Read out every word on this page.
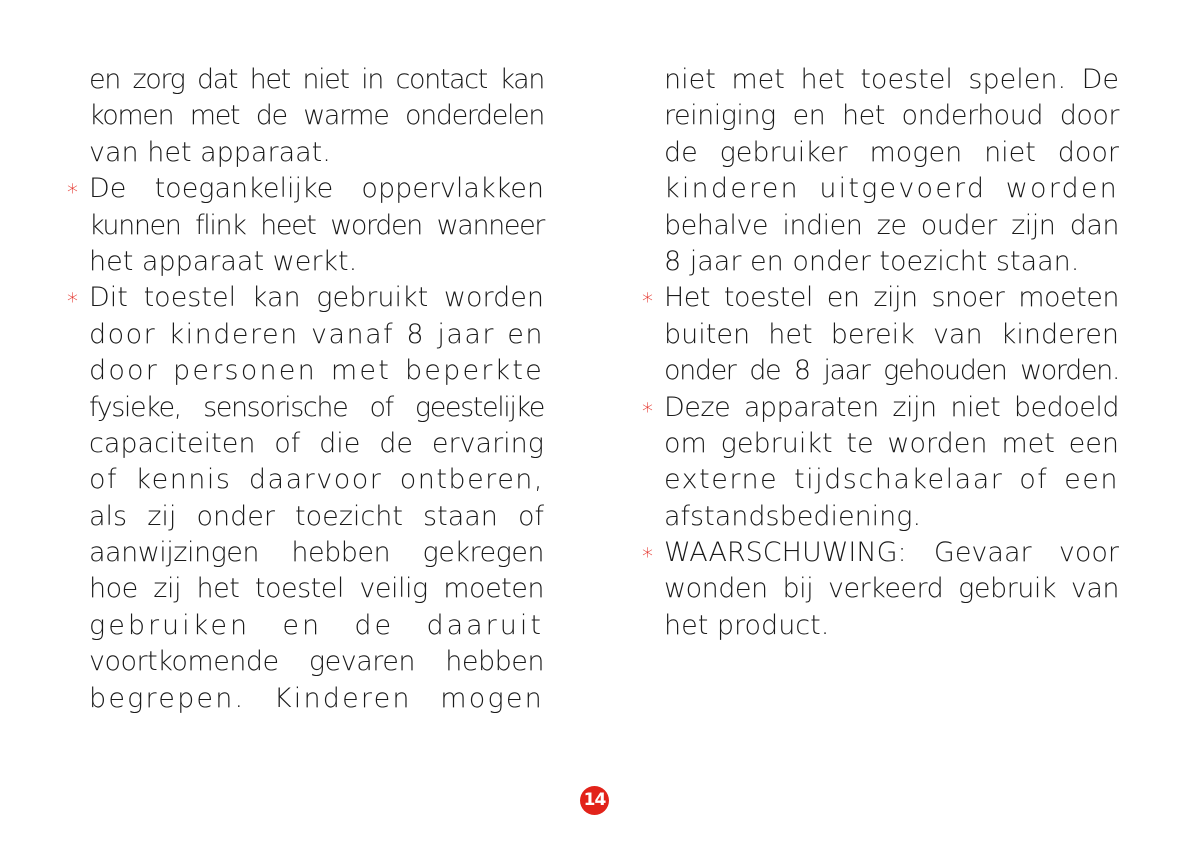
en zorg dat het niet in contact kan
komen met de warme onderdelen
van het apparaat.
* De toegankelijke oppervlakken
kunnen flink heet worden wanneer
het apparaat werkt.
* Dit toestel kan gebruikt worden
door kinderen vanaf 8 jaar en
door personen met beperkte
fysieke, sensorische of geestelijke
capaciteiten of die de ervaring
of kennis daarvoor ontberen,
als zij onder toezicht staan of
aanwijzingen hebben gekregen
hoe zij het toestel veilig moeten
gebruiken en de daaruit
voortkomende gevaren hebben
begrepen. Kinderen mogen
niet met het toestel spelen. De
reiniging en het onderhoud door
de gebruiker mogen niet door
kinderen uitgevoerd worden
behalve indien ze ouder zijn dan
8 jaar en onder toezicht staan.
* Het toestel en zijn snoer moeten
buiten het bereik van kinderen
onder de 8 jaar gehouden worden.
* Deze apparaten zijn niet bedoeld
om gebruikt te worden met een
externe tijdschakelaar of een
afstandsbediening.
* WAARSCHUWING: Gevaar voor
wonden bij verkeerd gebruik van
het product.
14
